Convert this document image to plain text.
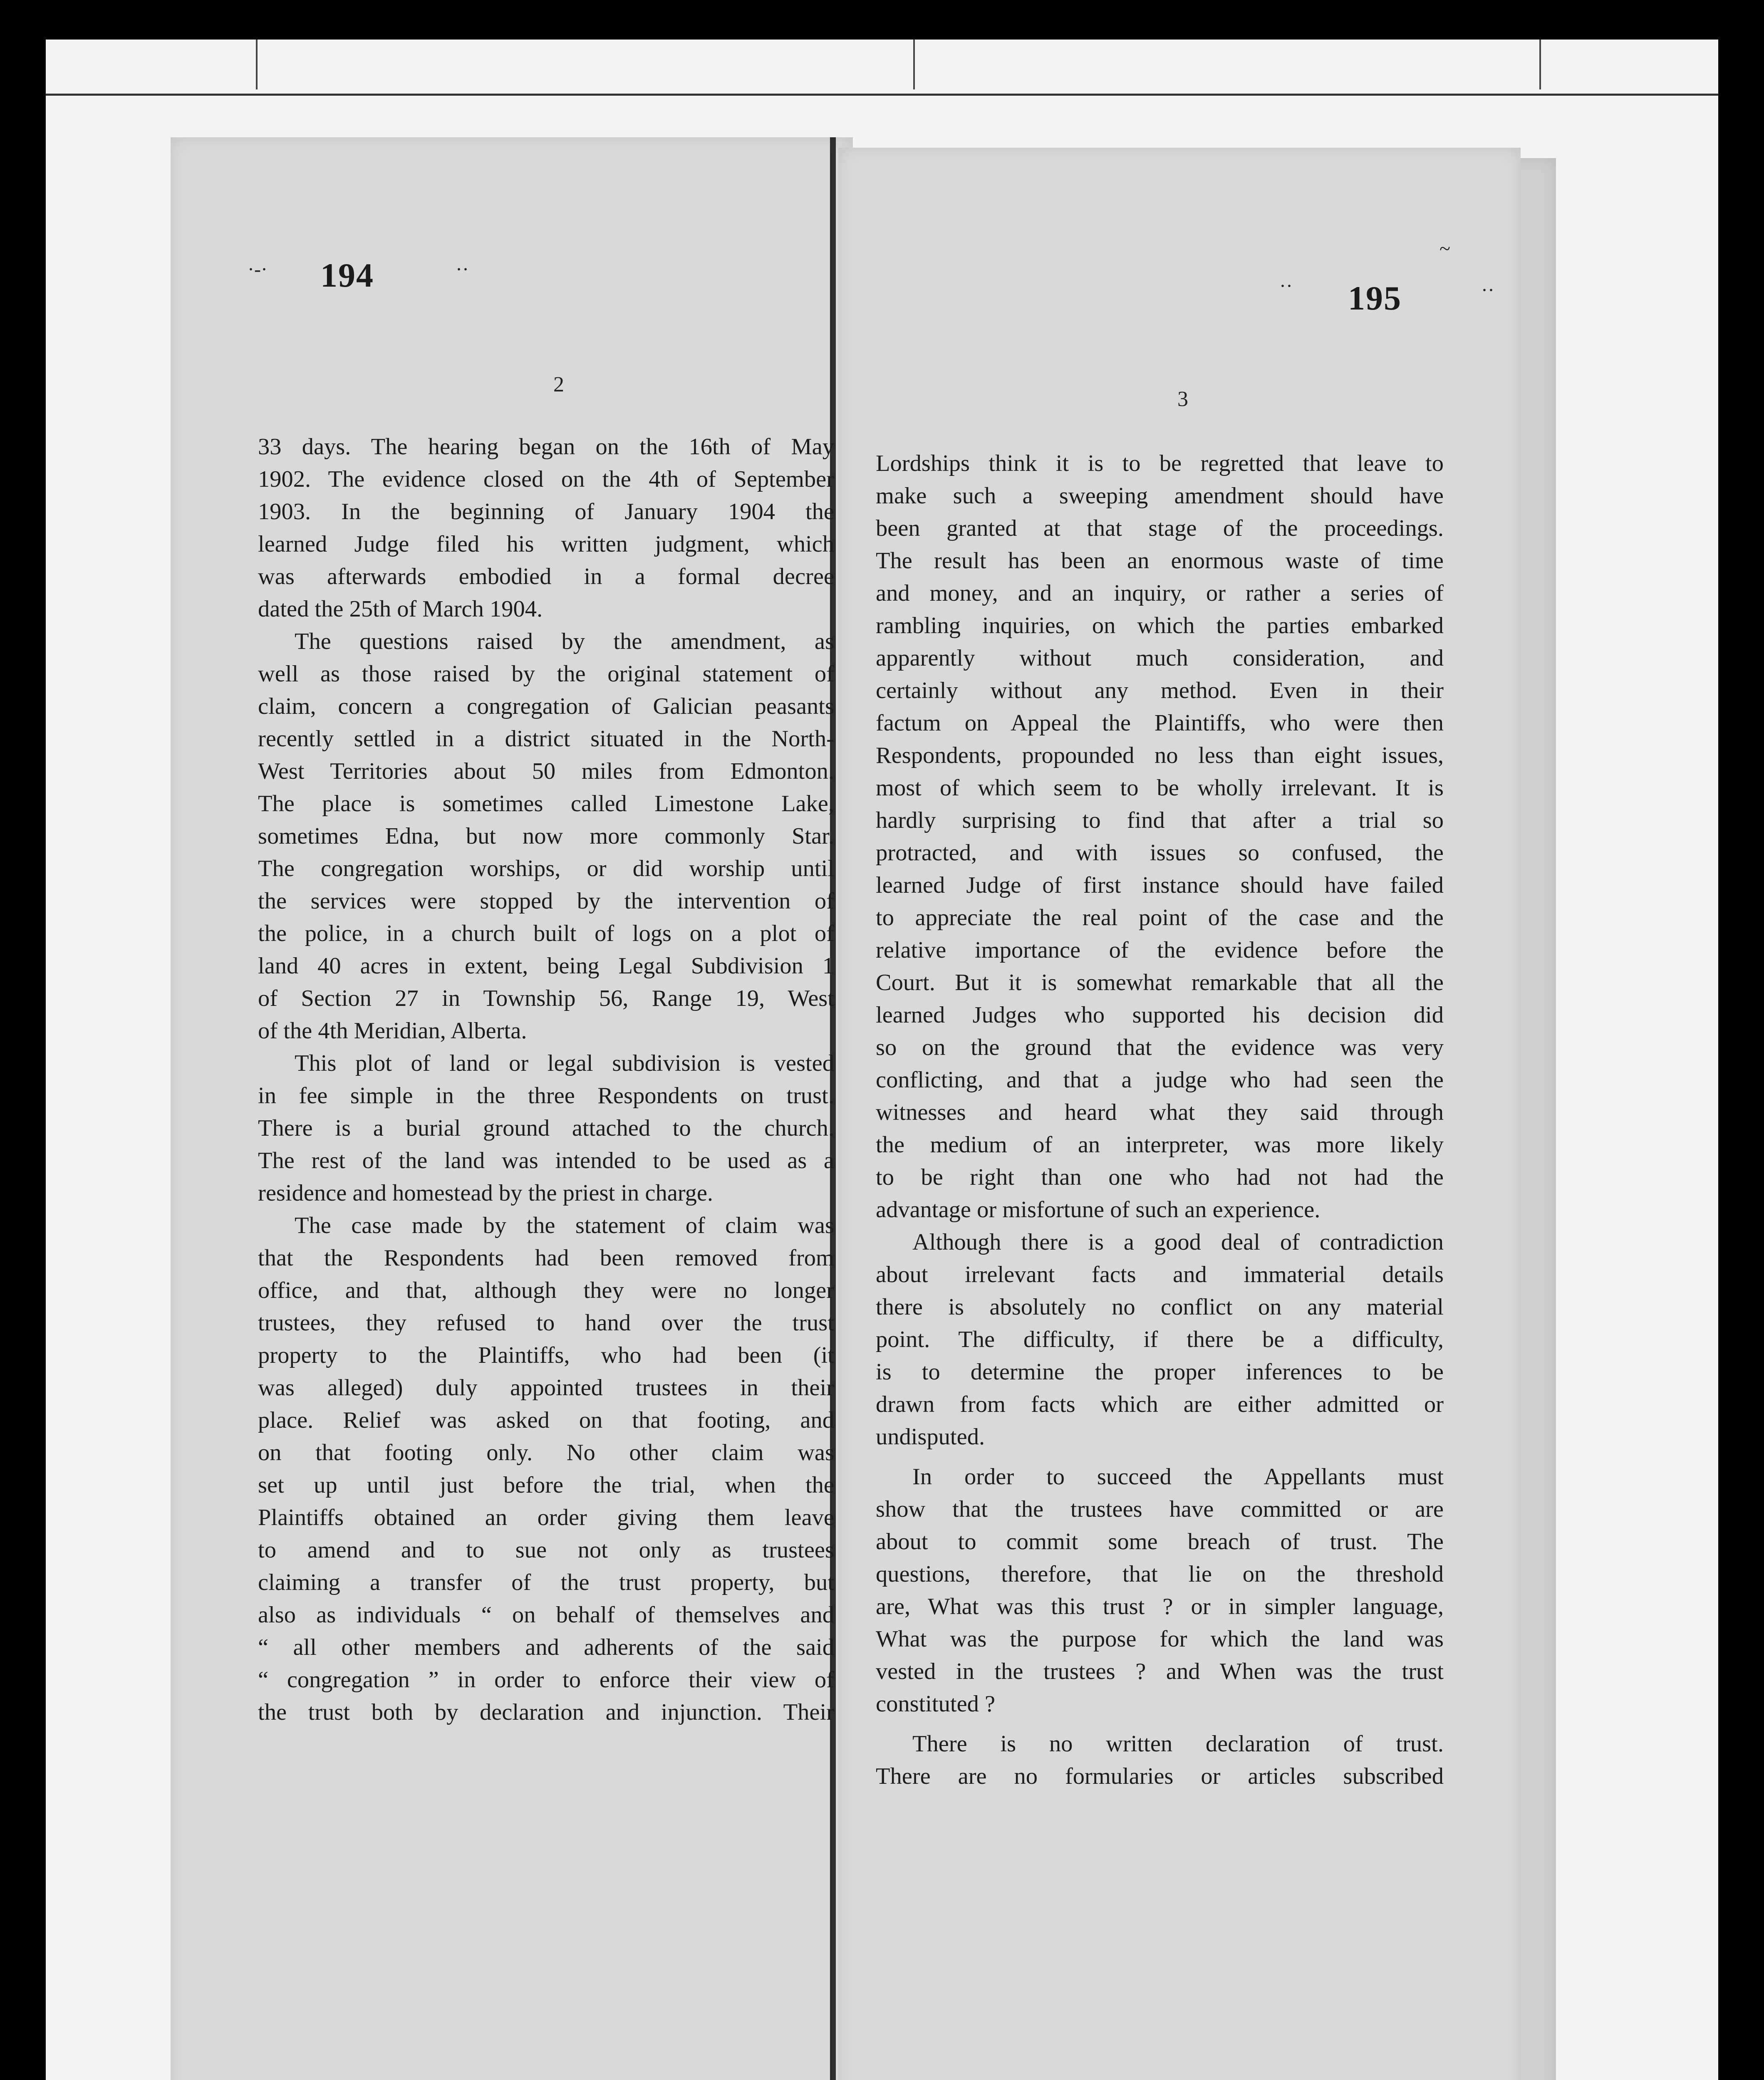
194
·-·	··
2
195
··	··
~
3
33 days. The hearing began on the 16th of May
1902. The evidence closed on the 4th of September
1903. In the beginning of January 1904 the
learned Judge filed his written judgment, which
was afterwards embodied in a formal decree
dated the 25th of March 1904.
The questions raised by the amendment, as
well as those raised by the original statement of
claim, concern a congregation of Galician peasants
recently settled in a district situated in the North-
West Territories about 50 miles from Edmonton.
The place is sometimes called Limestone Lake,
sometimes Edna, but now more commonly Star.
The congregation worships, or did worship until
the services were stopped by the intervention of
the police, in a church built of logs on a plot of
land 40 acres in extent, being Legal Subdivision 1
of Section 27 in Township 56, Range 19, West
of the 4th Meridian, Alberta.
This plot of land or legal subdivision is vested
in fee simple in the three Respondents on trust.
There is a burial ground attached to the church.
The rest of the land was intended to be used as a
residence and homestead by the priest in charge.
The case made by the statement of claim was
that the Respondents had been removed from
office, and that, although they were no longer
trustees, they refused to hand over the trust
property to the Plaintiffs, who had been (it
was alleged) duly appointed trustees in their
place. Relief was asked on that footing, and
on that footing only. No other claim was
set up until just before the trial, when the
Plaintiffs obtained an order giving them leave
to amend and to sue not only as trustees
claiming a transfer of the trust property, but
also as individuals “ on behalf of themselves and
“ all other members and adherents of the said
“ congregation ” in order to enforce their view of
the trust both by declaration and injunction. Their
Lordships think it is to be regretted that leave to
make such a sweeping amendment should have
been granted at that stage of the proceedings.
The result has been an enormous waste of time
and money, and an inquiry, or rather a series of
rambling inquiries, on which the parties embarked
apparently without much consideration, and
certainly without any method. Even in their
factum on Appeal the Plaintiffs, who were then
Respondents, propounded no less than eight issues,
most of which seem to be wholly irrelevant. It is
hardly surprising to find that after a trial so
protracted, and with issues so confused, the
learned Judge of first instance should have failed
to appreciate the real point of the case and the
relative importance of the evidence before the
Court. But it is somewhat remarkable that all the
learned Judges who supported his decision did
so on the ground that the evidence was very
conflicting, and that a judge who had seen the
witnesses and heard what they said through
the medium of an interpreter, was more likely
to be right than one who had not had the
advantage or misfortune of such an experience.
Although there is a good deal of contradiction
about irrelevant facts and immaterial details
there is absolutely no conflict on any material
point. The difficulty, if there be a difficulty,
is to determine the proper inferences to be
drawn from facts which are either admitted or
undisputed.
In order to succeed the Appellants must
show that the trustees have committed or are
about to commit some breach of trust. The
questions, therefore, that lie on the threshold
are, What was this trust ? or in simpler language,
What was the purpose for which the land was
vested in the trustees ? and When was the trust
constituted ?
There is no written declaration of trust.
There are no formularies or articles subscribed
